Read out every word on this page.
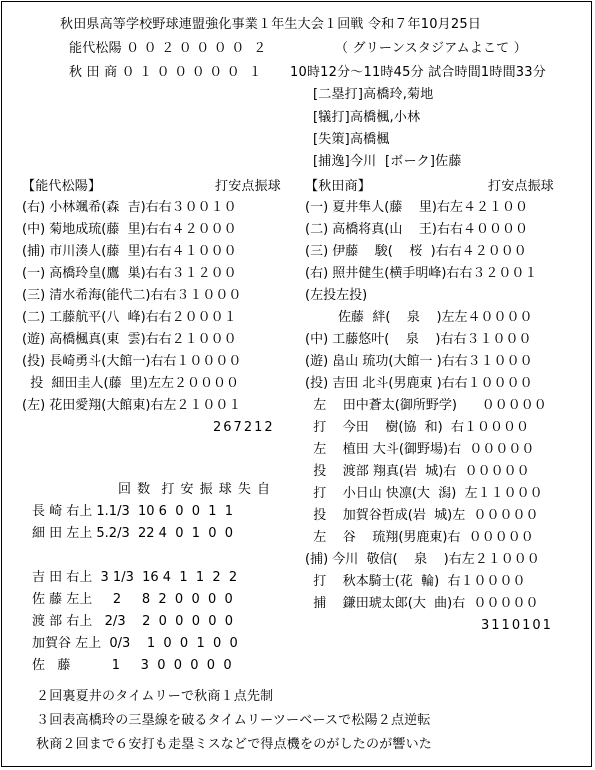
秋田県高等学校野球連盟強化事業１年生大会１回戦 令和７年10月25日
能代松陽 ０ ０ ２ ０ ０ ０ ０  ２	（ グリーンスタジアムよこて ）
秋 田 商 ０ １ ０ ０ ０ ０ ０  １ 10時12分～11時45分 試合時間1時間33分
[二塁打]高橋玲,菊地
[犠打]高橋楓,小林
[失策]高橋楓
[捕逸]今川  [ボーク]佐藤
【能代松陽】	打安点振球 【秋田商】	打安点振球
(右) 小林颯希(森  吉)右右３００１０
(中) 菊地成琉(藤  里)右右４２０００
(捕) 市川湊人(藤  里)右右４１０００
(一) 高橋玲皇(鷹  巣)右右３１２００
(三) 清水希海(能代二)右右３１０００
(二) 工藤航平(八  峰)右右２０００１
(遊) 高橋楓真(東  雲)右右２１０００
(投) 長崎勇斗(大館一)右右１００００
投  細田圭人(藤  里)左左２００００
(左) 花田愛翔(大館東)右左２１００１
267212
(一) 夏井隼人(藤    里)右左４２１００
(二) 高橋将真(山    王)右右４００００
(三) 伊藤    駿(    桜  )右右４２０００
(右) 照井健生(横手明峰)右右３２００１
(左投左投)
佐藤  絆(    泉    )左左４００００
(中) 工藤悠叶(    泉    )右右３１０００
(遊) 畠山 琉功(大館一 )右右３１０００
(投) 吉田 北斗(男鹿東 )右右１００００
左    田中蒼太(御所野学)      ０００００
打    今田    樹(協  和)  右１００００
左    植田 大斗(御野場)右  ０００００
投    渡部 翔真(岩  城)右  ０００００
打    小日山 快凛(大  潟)  左１１０００
投    加賀谷哲成(岩  城)左  ０００００
左    谷    琉翔(男鹿東)右  ０００００
(捕) 今川  敬信(    泉    )右左２１０００
打    秋本騎士(花  輪)  右１００００
捕    鎌田琥太郎(大  曲)右  ０００００
3110101
回 数  打 安 振 球 失 自
長 崎 右上 1.1/3  10 6  0  0  1  1
細 田 左上 5.2/3  22 4  0  1  0  0
吉 田 右上  3 1/3  16 4  1  1  2  2
佐 藤 左上     2     8  2  0  0  0  0
渡 部 右上   2/3    2  0  0  0  0  0
加賀谷 左上  0/3    1  0  0  1  0  0
佐   藤          1     3  0  0  0  0  0
２回裏夏井のタイムリーで秋商１点先制
３回表高橋玲の三塁線を破るタイムリーツーベースで松陽２点逆転
秋商２回まで６安打も走塁ミスなどで得点機をのがしたのが響いた
